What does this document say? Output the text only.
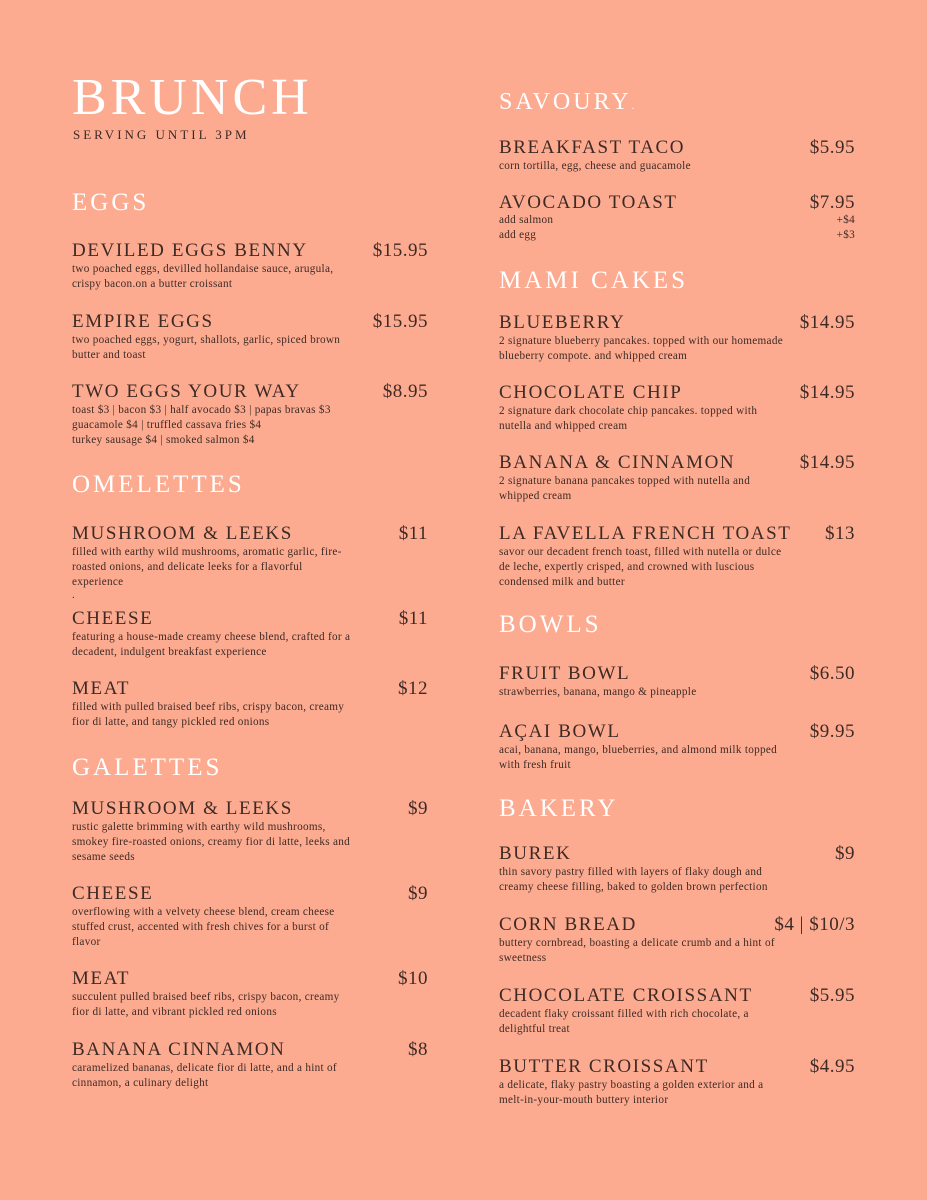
BRUNCH
SERVING UNTIL 3PM
EGGS
DEVILED EGGS BENNY	$15.95
two poached eggs, devilled hollandaise sauce, arugula, crispy bacon.on a butter croissant
EMPIRE EGGS	$15.95
two poached eggs, yogurt, shallots, garlic, spiced brown butter and toast
TWO EGGS YOUR WAY	$8.95
toast $3 | bacon $3 | half avocado $3 | papas bravas $3
guacamole $4 | truffled cassava fries $4
turkey sausage $4 | smoked salmon $4
OMELETTES
MUSHROOM & LEEKS	$11
filled with earthy wild mushrooms, aromatic garlic, fire-roasted onions, and delicate leeks for a flavorful experience
.
CHEESE	$11
featuring a house-made creamy cheese blend, crafted for a decadent, indulgent breakfast experience
MEAT	$12
filled with pulled braised beef ribs, crispy bacon, creamy fior di latte, and tangy pickled red onions
GALETTES
MUSHROOM & LEEKS	$9
rustic galette brimming with earthy wild mushrooms, smokey fire-roasted onions, creamy fior di latte, leeks and sesame seeds
CHEESE	$9
overflowing with a velvety cheese blend, cream cheese stuffed crust, accented with fresh chives for a burst of flavor
MEAT	$10
succulent pulled braised beef ribs, crispy bacon, creamy fior di latte, and vibrant pickled red onions
BANANA CINNAMON	$8
caramelized bananas, delicate fior di latte, and a hint of cinnamon, a culinary delight
SAVOURY.
BREAKFAST TACO	$5.95
corn tortilla, egg, cheese and guacamole
AVOCADO TOAST	$7.95
add salmon	+$4
add egg	+$3
MAMI CAKES
BLUEBERRY	$14.95
2 signature blueberry pancakes. topped with our homemade blueberry compote. and whipped cream
CHOCOLATE CHIP	$14.95
2 signature dark chocolate chip pancakes. topped with nutella and whipped cream
BANANA & CINNAMON	$14.95
2 signature banana pancakes topped with nutella and whipped cream
LA FAVELLA FRENCH TOAST $13
savor our decadent french toast, filled with nutella or dulce de leche, expertly crisped, and crowned with luscious condensed milk and butter
BOWLS
FRUIT BOWL	$6.50
strawberries, banana, mango & pineapple
AÇAI BOWL	$9.95
acai, banana, mango, blueberries, and almond milk topped with fresh fruit
BAKERY
BUREK	$9
thin savory pastry filled with layers of flaky dough and creamy cheese filling, baked to golden brown perfection
CORN BREAD	$4 | $10/3
buttery cornbread, boasting a delicate crumb and a hint of sweetness
CHOCOLATE CROISSANT	$5.95
decadent flaky croissant filled with rich chocolate, a delightful treat
BUTTER CROISSANT	$4.95
a delicate, flaky pastry boasting a golden exterior and a melt-in-your-mouth buttery interior
